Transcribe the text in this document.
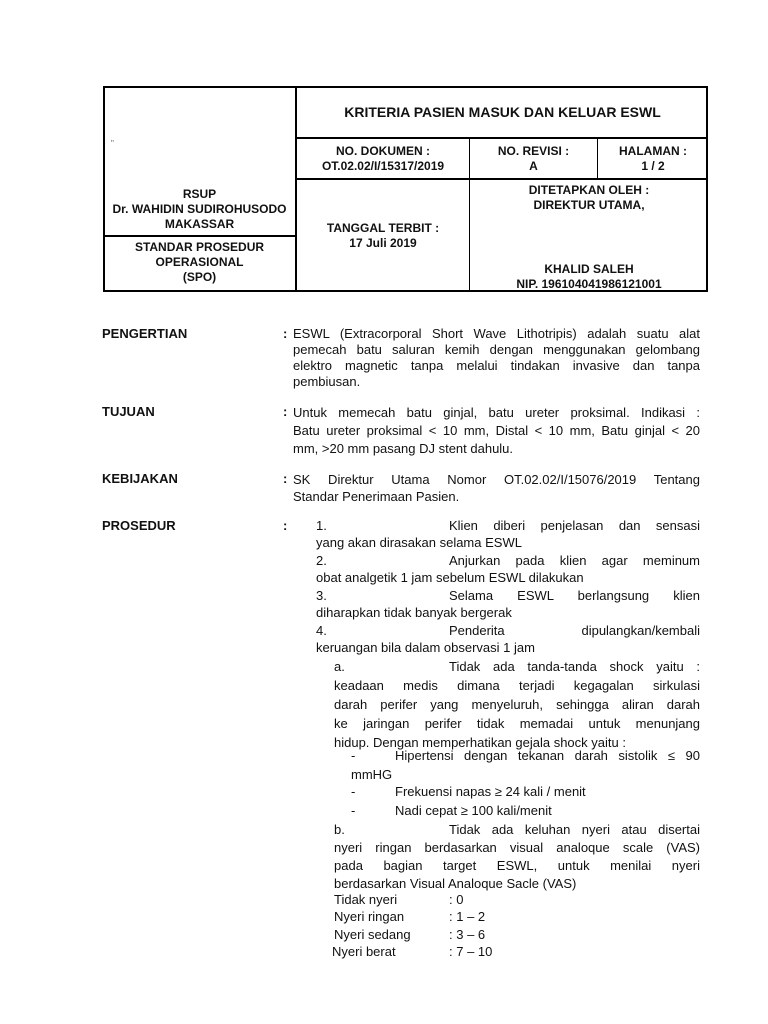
"
KRITERIA PASIEN MASUK DAN KELUAR ESWL
RSUP
Dr. WAHIDIN SUDIROHUSODO
MAKASSAR
NO. DOKUMEN :
OT.02.02/I/15317/2019
NO. REVISI :
A
HALAMAN :
1 / 2
STANDAR PROSEDUR
OPERASIONAL
(SPO)
TANGGAL TERBIT :
17 Juli 2019
DITETAPKAN OLEH :
DIREKTUR UTAMA,
KHALID SALEH
NIP. 196104041986121001
PENGERTIAN	: ESWL (Extracorporal Short Wave Lithotripis) adalah suatu alat
pemecah batu saluran kemih dengan menggunakan gelombang
elektro magnetic tanpa melalui tindakan invasive dan tanpa
pembiusan.
TUJUAN	: Untuk memecah batu ginjal, batu ureter proksimal. Indikasi :
Batu ureter proksimal < 10 mm, Distal < 10 mm, Batu ginjal < 20
mm, >20 mm pasang DJ stent dahulu.
KEBIJAKAN	: SK Direktur Utama Nomor OT.02.02/I/15076/2019 Tentang
Standar Penerimaan Pasien.
PROSEDUR	: 1.	Klien diberi penjelasan dan sensasi
yang akan dirasakan selama ESWL
2.	Anjurkan pada klien agar meminum
obat analgetik 1 jam sebelum ESWL dilakukan
3.	Selama ESWL berlangsung klien
diharapkan tidak banyak bergerak
4.	Penderita dipulangkan/kembali
keruangan bila dalam observasi 1 jam
a.	Tidak ada tanda-tanda shock yaitu :
keadaan medis dimana terjadi kegagalan sirkulasi
darah perifer yang menyeluruh, sehingga aliran darah
ke jaringan perifer tidak memadai untuk menunjang
hidup. Dengan memperhatikan gejala shock yaitu :
-	Hipertensi dengan tekanan darah sistolik ≤ 90
mmHG
-	Frekuensi napas ≥ 24 kali / menit
-	Nadi cepat ≥ 100 kali/menit
b.	Tidak ada keluhan nyeri atau disertai
nyeri ringan berdasarkan visual analoque scale (VAS)
pada bagian target ESWL, untuk menilai nyeri
berdasarkan Visual Analoque Sacle (VAS)
Tidak nyeri	: 0
Nyeri ringan	: 1 – 2
Nyeri sedang	: 3 – 6
Nyeri berat	: 7 – 10
